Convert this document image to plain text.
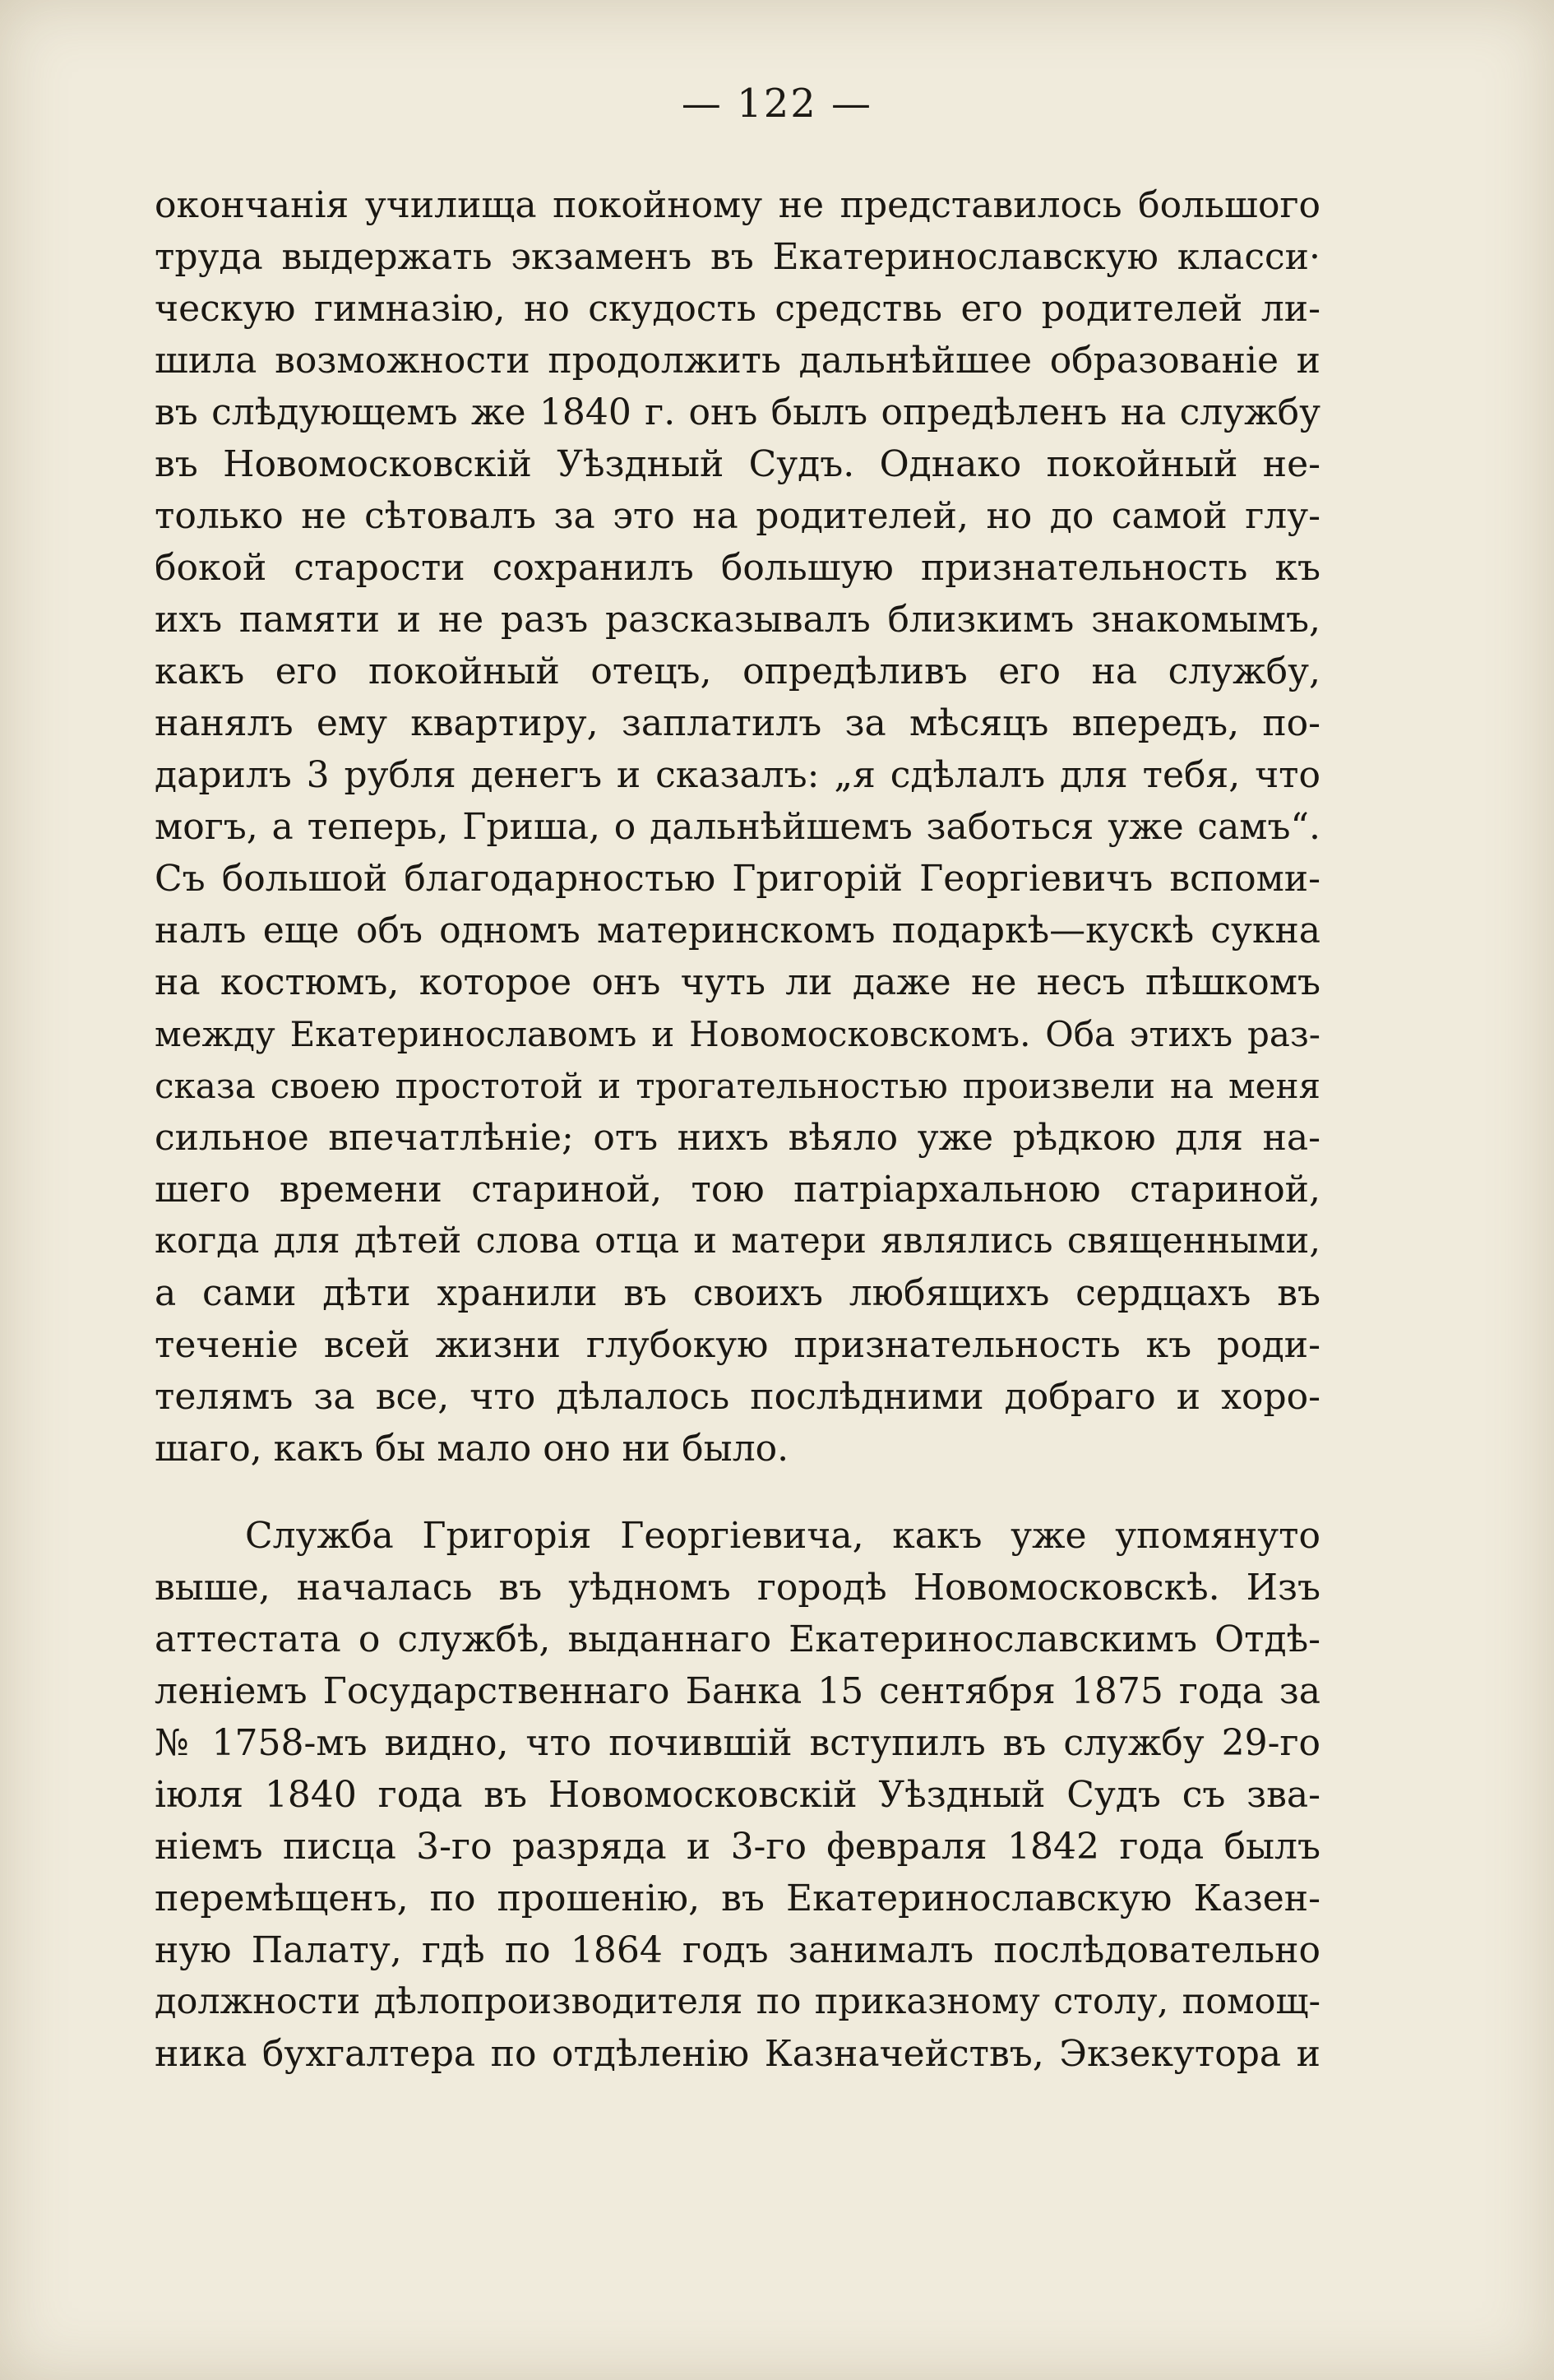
— 122 —
окончанія училища покойному не представилось большого
труда выдержать экзаменъ въ Екатеринославскую класси·
ческую гимназію, но скудость средствь его родителей ли-
шила возможности продолжить дальнѣйшее образованіе и
въ слѣдующемъ же 1840 г. онъ былъ опредѣленъ на службу
въ Новомосковскій Уѣздный Судъ. Однако покойный не-
только не сѣтовалъ за это на родителей, но до самой глу-
бокой старости сохранилъ большую признательность къ
ихъ памяти и не разъ разсказывалъ близкимъ знакомымъ,
какъ его покойный отецъ, опредѣливъ его на службу,
нанялъ ему квартиру, заплатилъ за мѣсяцъ впередъ, по-
дарилъ 3 рубля денегъ и сказалъ: „я сдѣлалъ для тебя, что
могъ, а теперь, Гриша, о дальнѣйшемъ заботься уже самъ“.
Съ большой благодарностью Григорій Георгіевичъ вспоми-
налъ еще объ одномъ материнскомъ подаркѣ—кускѣ сукна
на костюмъ, которое онъ чуть ли даже не несъ пѣшкомъ
между Екатеринославомъ и Новомосковскомъ. Оба этихъ раз-
сказа своею простотой и трогательностью произвели на меня
сильное впечатлѣніе; отъ нихъ вѣяло уже рѣдкою для на-
шего времени стариной, тою патріархальною стариной,
когда для дѣтей слова отца и матери являлись священными,
а сами дѣти хранили въ своихъ любящихъ сердцахъ въ
теченіе всей жизни глубокую признательность къ роди-
телямъ за все, что дѣлалось послѣдними добраго и хоро-
шаго, какъ бы мало оно ни было.
Служба Григорія Георгіевича, какъ уже упомянуто
выше, началась въ уѣдномъ городѣ Новомосковскѣ. Изъ
аттестата о службѣ, выданнаго Екатеринославскимъ Отдѣ-
леніемъ Государственнаго Банка 15 сентября 1875 года за
№ 1758-мъ видно, что почившій вступилъ въ службу 29-го
іюля 1840 года въ Новомосковскій Уѣздный Судъ съ зва-
ніемъ писца 3-го разряда и 3-го февраля 1842 года былъ
перемѣщенъ, по прошенію, въ Екатеринославскую Казен-
ную Палату, гдѣ по 1864 годъ занималъ послѣдовательно
должности дѣлопроизводителя по приказному столу, помощ-
ника бухгалтера по отдѣленію Казначействъ, Экзекутора и
